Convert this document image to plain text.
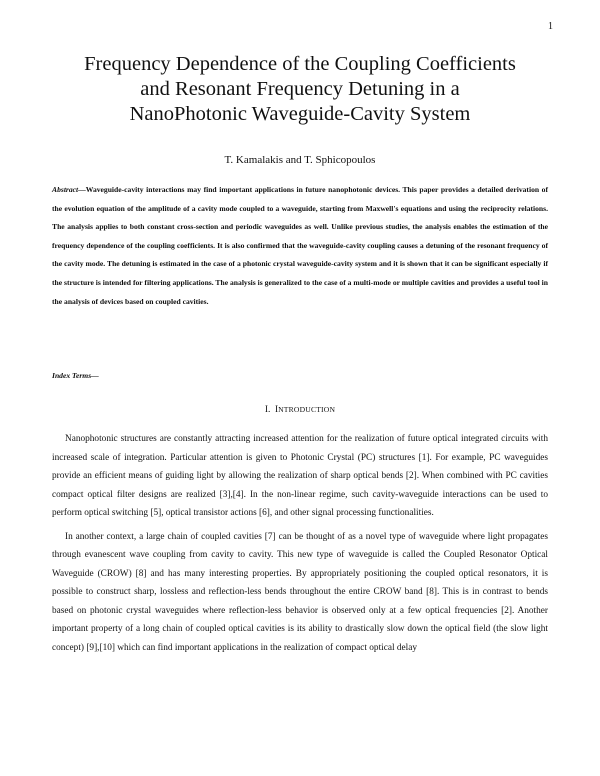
1
Frequency Dependence of the Coupling Coefficients
and Resonant Frequency Detuning in a
NanoPhotonic Waveguide-Cavity System
T. Kamalakis and T. Sphicopoulos

Abstract—Waveguide-cavity interactions may find important applications in future nanophotonic devices. This paper provides a detailed derivation of the evolution equation of the amplitude of a cavity mode coupled to a waveguide, starting from Maxwell's equations and using the reciprocity relations. The analysis applies to both constant cross-section and periodic waveguides as well. Unlike previous studies, the analysis enables the estimation of the frequency dependence of the coupling coefficients. It is also confirmed that the waveguide-cavity coupling causes a detuning of the resonant frequency of the cavity mode. The detuning is estimated in the case of a photonic crystal waveguide-cavity system and it is shown that it can be significant especially if the structure is intended for filtering applications. The analysis is generalized to the case of a multi-mode or multiple cavities and provides a useful tool in the analysis of devices based on coupled cavities.

Index Terms—
I. INTRODUCTION

Nanophotonic structures are constantly attracting increased attention for the realization of future optical integrated circuits with increased scale of integration. Particular attention is given to Photonic Crystal (PC) structures [1]. For example, PC waveguides provide an efficient means of guiding light by allowing the realization of sharp optical bends [2]. When combined with PC cavities compact optical filter designs are realized [3],[4]. In the non-linear regime, such cavity-waveguide interactions can be used to perform optical switching [5], optical transistor actions [6], and other signal processing functionalities.

In another context, a large chain of coupled cavities [7] can be thought of as a novel type of waveguide where light propagates through evanescent wave coupling from cavity to cavity. This new type of waveguide is called the Coupled Resonator Optical Waveguide (CROW) [8] and has many interesting properties. By appropriately positioning the coupled optical resonators, it is possible to construct sharp, lossless and reflection-less bends throughout the entire CROW band [8]. This is in contrast to bends based on photonic crystal waveguides where reflection-less behavior is observed only at a few optical frequencies [2]. Another important property of a long chain of coupled optical cavities is its ability to drastically slow down the optical field (the slow light concept) [9],[10] which can find important applications in the realization of compact optical delay
